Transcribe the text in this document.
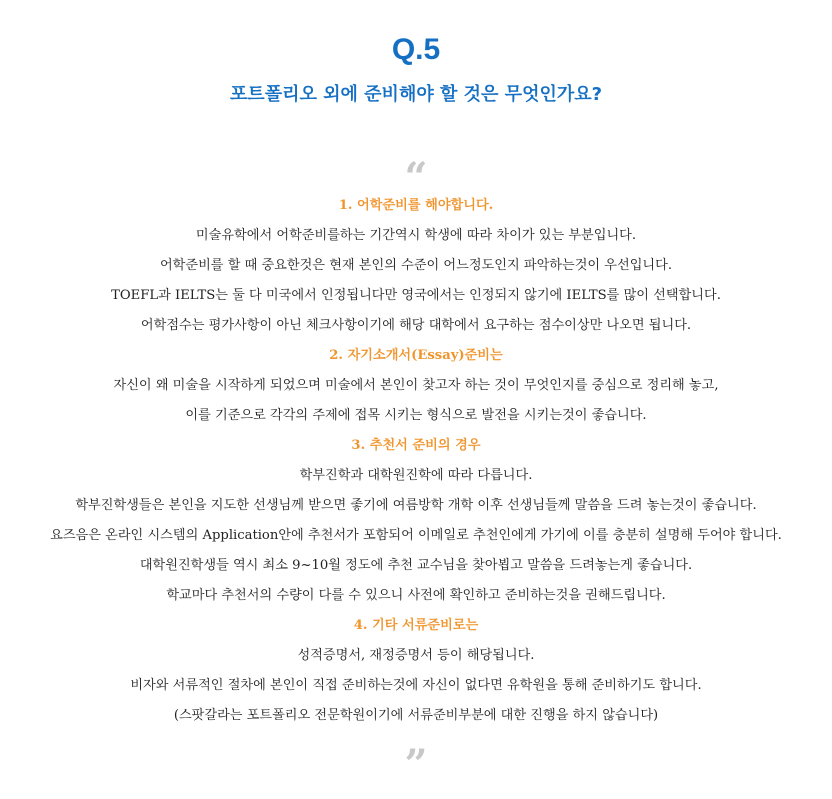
Q.5
포트폴리오 외에 준비해야 할 것은 무엇인가요?
“
1. 어학준비를 해야합니다.
미술유학에서 어학준비를하는 기간역시 학생에 따라 차이가 있는 부분입니다.
어학준비를 할 때 중요한것은 현재 본인의 수준이 어느정도인지 파악하는것이 우선입니다.
TOEFL과 IELTS는 둘 다 미국에서 인정됩니다만 영국에서는 인정되지 않기에 IELTS를 많이 선택합니다.
어학점수는 평가사항이 아닌 체크사항이기에 해당 대학에서 요구하는 점수이상만 나오면 됩니다.
2. 자기소개서(Essay)준비는
자신이 왜 미술을 시작하게 되었으며 미술에서 본인이 찾고자 하는 것이 무엇인지를 중심으로 정리해 놓고,
이를 기준으로 각각의 주제에 접목 시키는 형식으로 발전을 시키는것이 좋습니다.
3. 추천서 준비의 경우
학부진학과 대학원진학에 따라 다릅니다.
학부진학생들은 본인을 지도한 선생님께 받으면 좋기에 여름방학 개학 이후 선생님들께 말씀을 드려 놓는것이 좋습니다.
요즈음은 온라인 시스템의 Application안에 추천서가 포함되어 이메일로 추천인에게 가기에 이를 충분히 설명해 두어야 합니다.
대학원진학생들 역시 최소 9~10월 정도에 추천 교수님을 찾아뵙고 말씀을 드려놓는게 좋습니다.
학교마다 추천서의 수량이 다를 수 있으니 사전에 확인하고 준비하는것을 권해드립니다.
4. 기타 서류준비로는
성적증명서, 재정증명서 등이 해당됩니다.
비자와 서류적인 절차에 본인이 직접 준비하는것에 자신이 없다면 유학원을 통해 준비하기도 합니다.
(스팟갈라는 포트폴리오 전문학원이기에 서류준비부분에 대한 진행을 하지 않습니다)
”
